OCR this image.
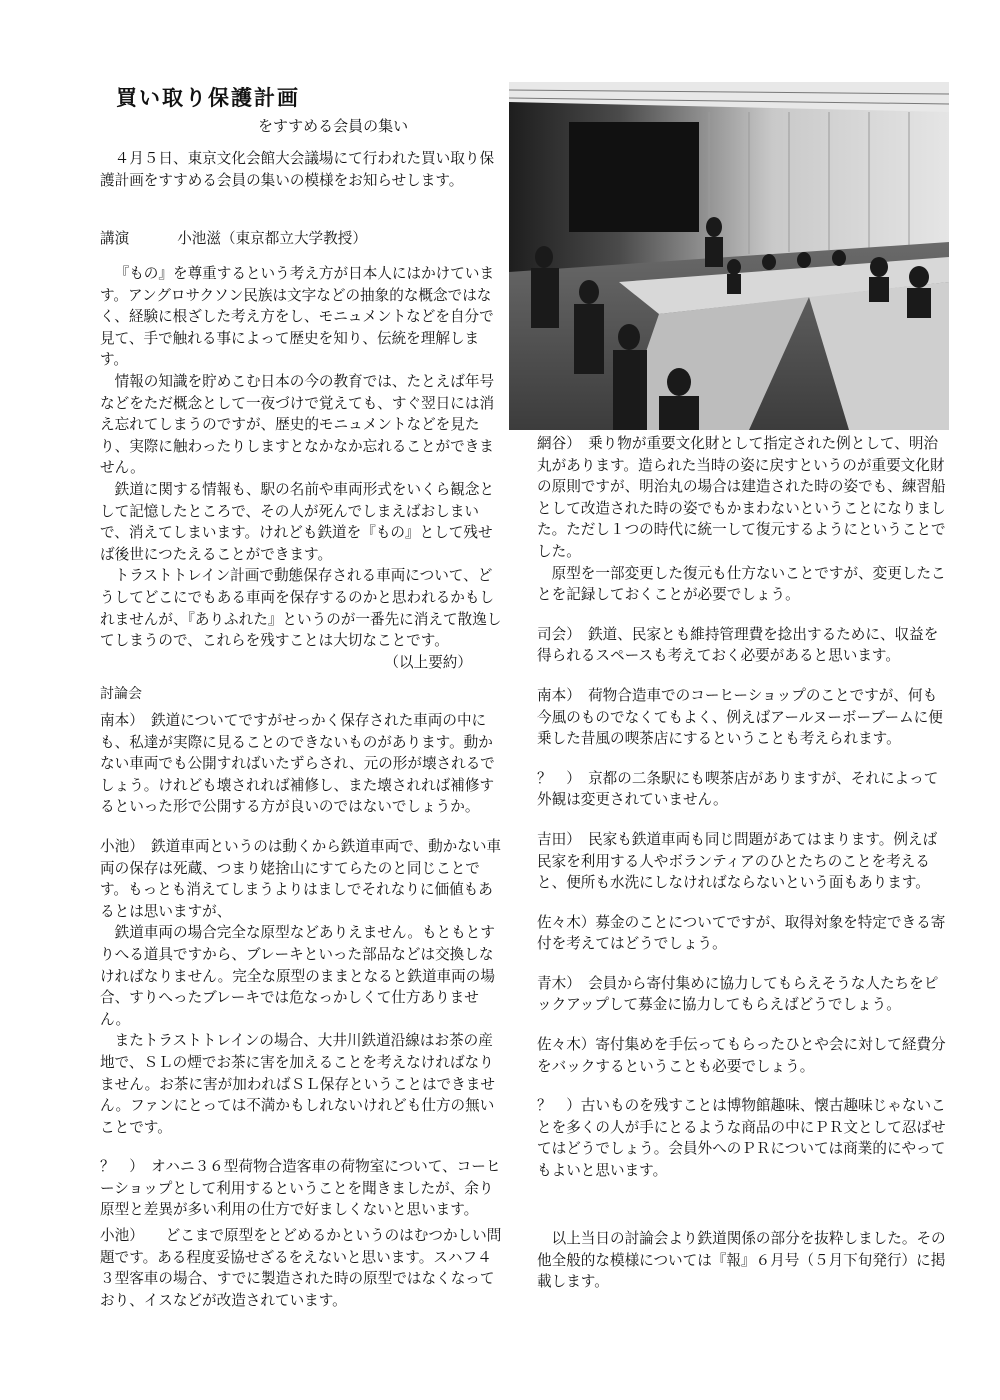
買い取り保護計画
をすすめる会員の集い

４月５日、東京文化会館大会議場にて行われた買い取り保護計画をすすめる会員の集いの模様をお知らせします。

講演	小池滋（東京都立大学教授）

『もの』を尊重するという考え方が日本人にはかけています。アングロサクソン民族は文字などの抽象的な概念ではなく、経験に根ざした考え方をし、モニュメントなどを自分で見て、手で触れる事によって歴史を知り、伝統を理解します。

情報の知識を貯めこむ日本の今の教育では、たとえば年号などをただ概念として一夜づけで覚えても、すぐ翌日には消え忘れてしまうのですが、歴史的モニュメントなどを見たり、実際に触わったりしますとなかなか忘れることができません。

鉄道に関する情報も、駅の名前や車両形式をいくら観念として記憶したところで、その人が死んでしまえばおしまいで、消えてしまいます。けれども鉄道を『もの』として残せば後世につたえることができます。

トラストトレイン計画で動態保存される車両について、どうしてどこにでもある車両を保存するのかと思われるかもしれませんが、『ありふれた』というのが一番先に消えて散逸してしまうので、これらを残すことは大切なことです。

（以上要約）

討論会

南本）　鉄道についてですがせっかく保存された車両の中にも、私達が実際に見ることのできないものがあります。動かない車両でも公開すればいたずらされ、元の形が壊されるでしょう。けれども壊されれば補修し、また壊されれば補修するといった形で公開する方が良いのではないでしょうか。

小池）　鉄道車両というのは動くから鉄道車両で、動かない車両の保存は死蔵、つまり姥捨山にすてらたのと同じことです。もっとも消えてしまうよりはましでそれなりに価値もあるとは思いますが、

鉄道車両の場合完全な原型などありえません。もともとすりへる道具ですから、ブレーキといった部品などは交換しなければなりません。完全な原型のままとなると鉄道車両の場合、すりへったブレーキでは危なっかしくて仕方ありません。

またトラストトレインの場合、大井川鉄道沿線はお茶の産地で、ＳＬの煙でお茶に害を加えることを考えなければなりません。お茶に害が加わればＳＬ保存ということはできません。ファンにとっては不満かもしれないけれども仕方の無いことです。

？　）　オハニ３６型荷物合造客車の荷物室について、コーヒーショップとして利用するということを聞きましたが、余り原型と差異が多い利用の仕方で好ましくないと思います。

小池）　　どこまで原型をとどめるかというのはむつかしい問題です。ある程度妥協せざるをえないと思います。スハフ４３型客車の場合、すでに製造された時の原型ではなくなっており、イスなどが改造されています。

網谷）　乗り物が重要文化財として指定された例として、明治丸があります。造られた当時の姿に戻すというのが重要文化財の原則ですが、明治丸の場合は建造された時の姿でも、練習船として改造された時の姿でもかまわないということになりました。ただし１つの時代に統一して復元するようにということでした。

原型を一部変更した復元も仕方ないことですが、変更したことを記録しておくことが必要でしょう。

司会）　鉄道、民家とも維持管理費を捻出するために、収益を得られるスペースも考えておく必要があると思います。

南本）　荷物合造車でのコーヒーショップのことですが、何も今風のものでなくてもよく、例えばアールヌーボーブームに便乗した昔風の喫茶店にするということも考えられます。

？　）　京都の二条駅にも喫茶店がありますが、それによって外観は変更されていません。

吉田）　民家も鉄道車両も同じ問題があてはまります。例えば民家を利用する人やボランティアのひとたちのことを考えると、便所も水洗にしなければならないという面もあります。

佐々木）募金のことについてですが、取得対象を特定できる寄付を考えてはどうでしょう。

青木）　会員から寄付集めに協力してもらえそうな人たちをピックアップして募金に協力してもらえばどうでしょう。

佐々木）寄付集めを手伝ってもらったひとや会に対して経費分をバックするということも必要でしょう。

？　）古いものを残すことは博物館趣味、懐古趣味じゃないことを多くの人が手にとるような商品の中にＰＲ文として忍ばせてはどうでしょう。会員外へのＰＲについては商業的にやってもよいと思います。

以上当日の討論会より鉄道関係の部分を抜粋しました。その他全般的な模様については『報』６月号（５月下旬発行）に掲載します。
